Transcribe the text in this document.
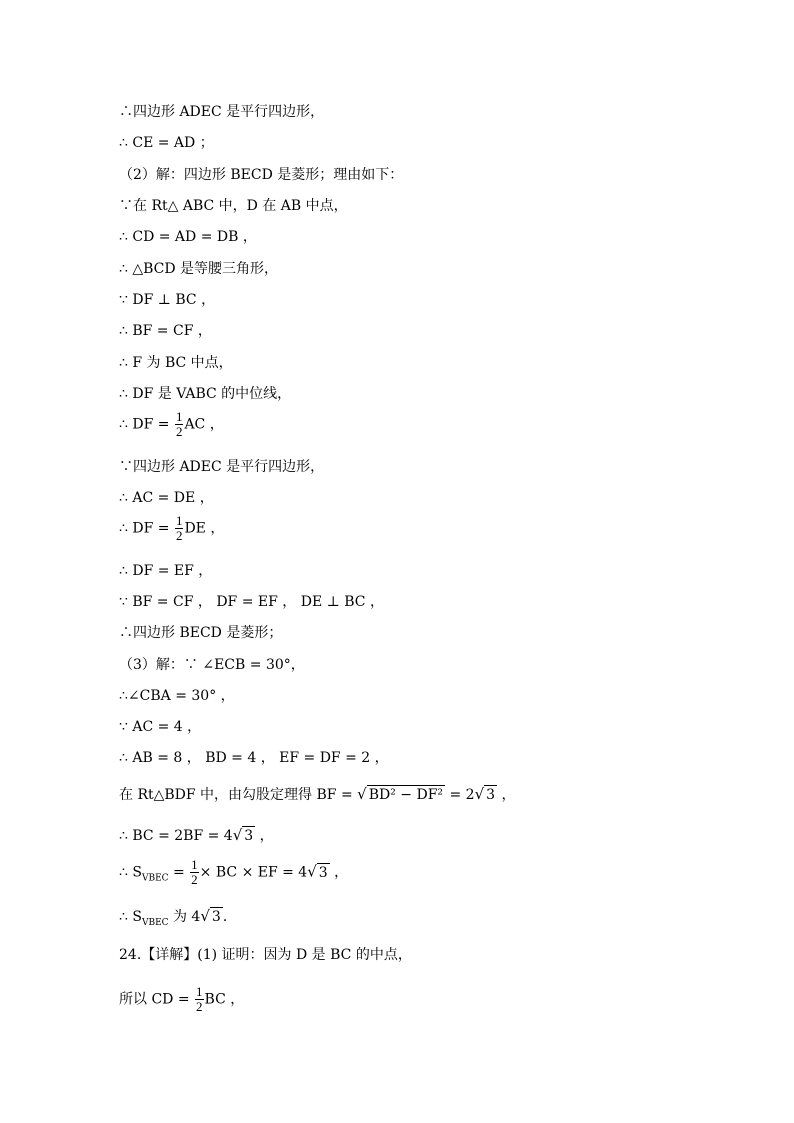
∴四边形 ADEC 是平行四边形，
∴ CE = AD ；
（2）解：四边形 BECD 是菱形；理由如下：
∵在 Rt△ ABC 中，D 在 AB 中点，
∴ CD = AD = DB ，
∴ △BCD 是等腰三角形，
∵ DF ⊥ BC ，
∴ BF = CF ，
∴ F 为 BC 中点，
∴ DF 是 VABC 的中位线，
∴ DF = $\frac{1}{2}$ AC ，
∵四边形 ADEC 是平行四边形，
∴ AC = DE ，
∴ DF = $\frac{1}{2}$ DE ，
∴ DF = EF ，
∵ BF = CF ， DF = EF ， DE ⊥ BC ，
∴四边形 BECD 是菱形；
（3）解：∵ ∠ECB = 30°，
∴∠CBA = 30° ，
∵ AC = 4 ，
∴ AB = 8 ， BD = 4 ， EF = DF = 2 ，
在 Rt△BDF 中，由勾股定理得 BF = √ BD² − DF² = 2√ 3 ，
∴ BC = 2BF = 4√ 3 ，
∴ $S_{VBEC} = \frac{1}{2}$ × BC × EF = 4√ 3 ，
∴ $S_{VBEC}$ 为 4√ 3 ．
24.【详解】(1) 证明：因为 D 是 BC 的中点，
所以 CD = $\frac{1}{2}$ BC ，
